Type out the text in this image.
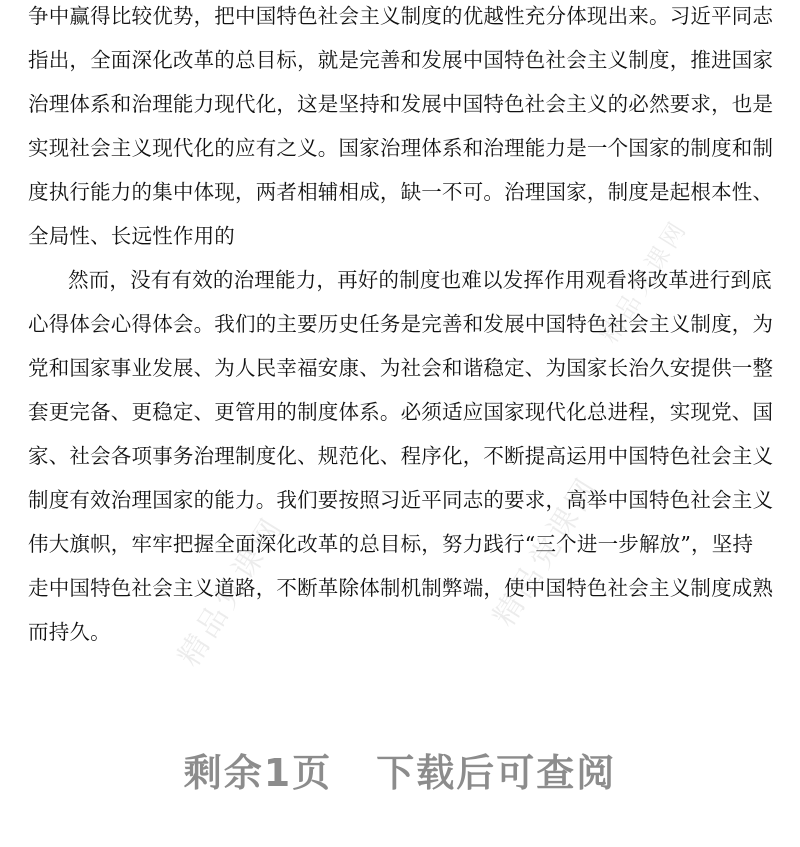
精品党课网	精品党课网
精品党课网
争中赢得比较优势，把中国特色社会主义制度的优越性充分体现出来。习近平同志
指出，全面深化改革的总目标，就是完善和发展中国特色社会主义制度，推进国家
治理体系和治理能力现代化，这是坚持和发展中国特色社会主义的必然要求，也是
实现社会主义现代化的应有之义。国家治理体系和治理能力是一个国家的制度和制
度执行能力的集中体现，两者相辅相成，缺一不可。治理国家，制度是起根本性、
全局性、长远性作用的
然而，没有有效的治理能力，再好的制度也难以发挥作用观看将改革进行到底
心得体会心得体会。我们的主要历史任务是完善和发展中国特色社会主义制度，为
党和国家事业发展、为人民幸福安康、为社会和谐稳定、为国家长治久安提供一整
套更完备、更稳定、更管用的制度体系。必须适应国家现代化总进程，实现党、国
家、社会各项事务治理制度化、规范化、程序化，不断提高运用中国特色社会主义
制度有效治理国家的能力。我们要按照习近平同志的要求，高举中国特色社会主义
伟大旗帜，牢牢把握全面深化改革的总目标，努力践行“三个进一步解放”，坚持
走中国特色社会主义道路，不断革除体制机制弊端，使中国特色社会主义制度成熟
而持久。
剩余1页 下载后可查阅
